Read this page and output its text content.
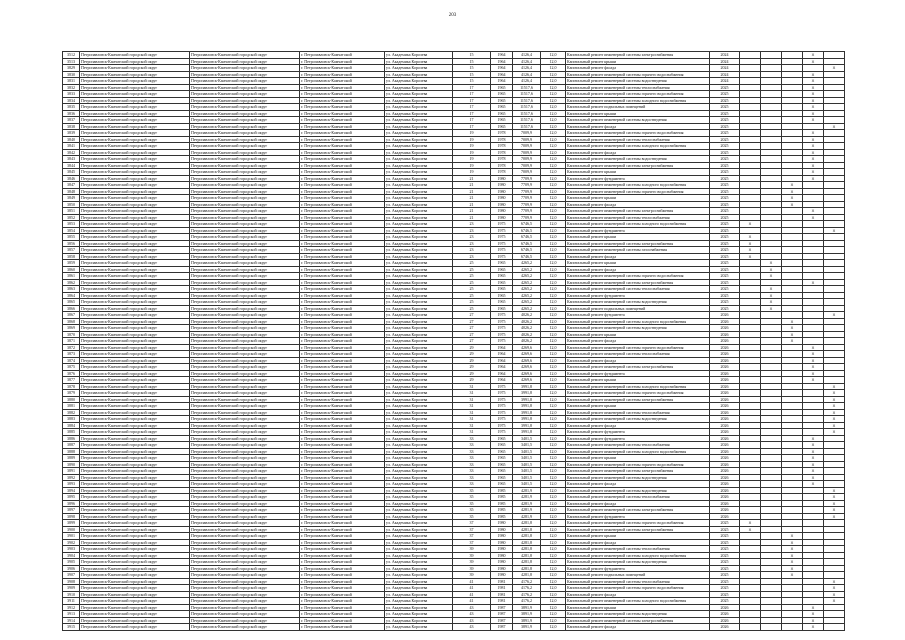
203
3512	Петропавловск-Камчатский городской округ	Петропавловск-Камчатский городской округ	г. Петропавловск-Камчатский	ул. Академика Королева	15	1964	4126,4	12,0	Капитальный ремонт инженерной системы электроснабжения	2024				X	
3513	Петропавловск-Камчатский городской округ	Петропавловск-Камчатский городской округ	г. Петропавловск-Камчатский	ул. Академика Королева	15	1964	4126,4	12,0	Капитальный ремонт крыши	2024				X	
3829	Петропавловск-Камчатский городской округ	Петропавловск-Камчатский городской округ	г. Петропавловск-Камчатский	ул. Академика Королева	15	1964	4126,4	12,0	Капитальный ремонт фасада	2024					X
3830	Петропавловск-Камчатский городской округ	Петропавловск-Камчатский городской округ	г. Петропавловск-Камчатский	ул. Академика Королева	15	1964	4126,4	12,0	Капитальный ремонт инженерной системы горячего водоснабжения	2024				X	
3831	Петропавловск-Камчатский городской округ	Петропавловск-Камчатский городской округ	г. Петропавловск-Камчатский	ул. Академика Королева	15	1964	4126,4	12,0	Капитальный ремонт инженерной системы водоотведения	2024				X	
3832	Петропавловск-Камчатский городской округ	Петропавловск-Камчатский городской округ	г. Петропавловск-Камчатский	ул. Академика Королева	17	1965	11517,6	12,0	Капитальный ремонт инженерной системы теплоснабжения	2025				X	
3833	Петропавловск-Камчатский городской округ	Петропавловск-Камчатский городской округ	г. Петропавловск-Камчатский	ул. Академика Королева	17	1965	11517,6	12,0	Капитальный ремонт инженерной системы горячего водоснабжения	2025				X	
3834	Петропавловск-Камчатский городской округ	Петропавловск-Камчатский городской округ	г. Петропавловск-Камчатский	ул. Академика Королева	17	1965	11517,6	12,0	Капитальный ремонт инженерной системы холодного водоснабжения	2025				X	
3835	Петропавловск-Камчатский городской округ	Петропавловск-Камчатский городской округ	г. Петропавловск-Камчатский	ул. Академика Королева	17	1965	11517,6	12,0	Капитальный ремонт подвальных помещений	2025				X	
3836	Петропавловск-Камчатский городской округ	Петропавловск-Камчатский городской округ	г. Петропавловск-Камчатский	ул. Академика Королева	17	1965	11517,6	12,0	Капитальный ремонт крыши	2025				X	
3837	Петропавловск-Камчатский городской округ	Петропавловск-Камчатский городской округ	г. Петропавловск-Камчатский	ул. Академика Королева	17	1965	11517,6	12,0	Капитальный ремонт инженерной системы водоотведения	2025				X	
3838	Петропавловск-Камчатский городской округ	Петропавловск-Камчатский городской округ	г. Петропавловск-Камчатский	ул. Академика Королева	17	1965	11517,6	12,0	Капитальный ремонт фасада	2025					X
3839	Петропавловск-Камчатский городской округ	Петропавловск-Камчатский городской округ	г. Петропавловск-Камчатский	ул. Академика Королева	19	1978	7009,9	12,0	Капитальный ремонт инженерной системы горячего водоснабжения	2025				X	
3840	Петропавловск-Камчатский городской округ	Петропавловск-Камчатский городской округ	г. Петропавловск-Камчатский	ул. Академика Королева	19	1978	7009,9	12,0	Капитальный ремонт инженерной системы теплоснабжения	2025				X	
3841	Петропавловск-Камчатский городской округ	Петропавловск-Камчатский городской округ	г. Петропавловск-Камчатский	ул. Академика Королева	19	1978	7009,9	12,0	Капитальный ремонт инженерной системы холодного водоснабжения	2025				X	
3842	Петропавловск-Камчатский городской округ	Петропавловск-Камчатский городской округ	г. Петропавловск-Камчатский	ул. Академика Королева	19	1978	7009,9	12,0	Капитальный ремонт фасада	2025				X	
3843	Петропавловск-Камчатский городской округ	Петропавловск-Камчатский городской округ	г. Петропавловск-Камчатский	ул. Академика Королева	19	1978	7009,9	12,0	Капитальный ремонт инженерной системы водоотведения	2025				X	
3844	Петропавловск-Камчатский городской округ	Петропавловск-Камчатский городской округ	г. Петропавловск-Камчатский	ул. Академика Королева	19	1978	7009,9	12,0	Капитальный ремонт инженерной системы электроснабжения	2025				X	
3845	Петропавловск-Камчатский городской округ	Петропавловск-Камчатский городской округ	г. Петропавловск-Камчатский	ул. Академика Королева	19	1978	7009,9	12,0	Капитальный ремонт крыши	2025				X	
3846	Петропавловск-Камчатский городской округ	Петропавловск-Камчатский городской округ	г. Петропавловск-Камчатский	ул. Академика Королева	21	1980	7709,9	12,0	Капитальный ремонт фундамента	2025				X	
3847	Петропавловск-Камчатский городской округ	Петропавловск-Камчатский городской округ	г. Петропавловск-Камчатский	ул. Академика Королева	21	1980	7709,9	12,0	Капитальный ремонт инженерной системы холодного водоснабжения	2025			X		
3848	Петропавловск-Камчатский городской округ	Петропавловск-Камчатский городской округ	г. Петропавловск-Камчатский	ул. Академика Королева	21	1980	7709,9	12,0	Капитальный ремонт инженерной системы горячего водоснабжения	2025			X		
3849	Петропавловск-Камчатский городской округ	Петропавловск-Камчатский городской округ	г. Петропавловск-Камчатский	ул. Академика Королева	21	1980	7709,9	12,0	Капитальный ремонт крыши	2025			X		
3850	Петропавловск-Камчатский городской округ	Петропавловск-Камчатский городской округ	г. Петропавловск-Камчатский	ул. Академика Королева	21	1980	7709,9	12,0	Капитальный ремонт фасада	2025			X		
3851	Петропавловск-Камчатский городской округ	Петропавловск-Камчатский городской округ	г. Петропавловск-Камчатский	ул. Академика Королева	21	1980	7709,9	12,0	Капитальный ремонт инженерной системы электроснабжения	2025				X	
3852	Петропавловск-Камчатский городской округ	Петропавловск-Камчатский городской округ	г. Петропавловск-Камчатский	ул. Академика Королева	21	1980	7709,9	12,0	Капитальный ремонт инженерной системы теплоснабжения	2025				X	
3853	Петропавловск-Камчатский городской округ	Петропавловск-Камчатский городской округ	г. Петропавловск-Камчатский	ул. Академика Королева	23	1975	6746,5	12,0	Капитальный ремонт инженерной системы холодного водоснабжения	2025	X				
3854	Петропавловск-Камчатский городской округ	Петропавловск-Камчатский городской округ	г. Петропавловск-Камчатский	ул. Академика Королева	23	1975	6746,5	12,0	Капитальный ремонт фундамента	2025					X
3855	Петропавловск-Камчатский городской округ	Петропавловск-Камчатский городской округ	г. Петропавловск-Камчатский	ул. Академика Королева	23	1975	6746,5	12,0	Капитальный ремонт крыши	2025	X				
3856	Петропавловск-Камчатский городской округ	Петропавловск-Камчатский городской округ	г. Петропавловск-Камчатский	ул. Академика Королева	23	1975	6746,5	12,0	Капитальный ремонт инженерной системы электроснабжения	2025	X				
3857	Петропавловск-Камчатский городской округ	Петропавловск-Камчатский городской округ	г. Петропавловск-Камчатский	ул. Академика Королева	23	1975	6746,5	12,0	Капитальный ремонт инженерной системы газоснабжения	2025	X				
3858	Петропавловск-Камчатский городской округ	Петропавловск-Камчатский городской округ	г. Петропавловск-Камчатский	ул. Академика Королева	23	1975	6746,5	12,0	Капитальный ремонт фасада	2025	X				
3859	Петропавловск-Камчатский городской округ	Петропавловск-Камчатский городской округ	г. Петропавловск-Камчатский	ул. Академика Королева	25	1965	4265,2	12,0	Капитальный ремонт крыши	2025		X			
3860	Петропавловск-Камчатский городской округ	Петропавловск-Камчатский городской округ	г. Петропавловск-Камчатский	ул. Академика Королева	25	1965	4265,2	12,0	Капитальный ремонт фасада	2025		X			
3861	Петропавловск-Камчатский городской округ	Петропавловск-Камчатский городской округ	г. Петропавловск-Камчатский	ул. Академика Королева	25	1965	4265,2	12,0	Капитальный ремонт инженерной системы горячего водоснабжения	2025		X			
3862	Петропавловск-Камчатский городской округ	Петропавловск-Камчатский городской округ	г. Петропавловск-Камчатский	ул. Академика Королева	25	1965	4265,2	12,0	Капитальный ремонт инженерной системы электроснабжения	2025				X	
3863	Петропавловск-Камчатский городской округ	Петропавловск-Камчатский городской округ	г. Петропавловск-Камчатский	ул. Академика Королева	25	1965	4265,2	12,0	Капитальный ремонт инженерной системы теплоснабжения	2025		X			
3864	Петропавловск-Камчатский городской округ	Петропавловск-Камчатский городской округ	г. Петропавловск-Камчатский	ул. Академика Королева	25	1965	4265,2	12,0	Капитальный ремонт фундамента	2025		X			
3865	Петропавловск-Камчатский городской округ	Петропавловск-Камчатский городской округ	г. Петропавловск-Камчатский	ул. Академика Королева	25	1965	4265,2	12,0	Капитальный ремонт инженерной системы водоотведения	2025		X			
3866	Петропавловск-Камчатский городской округ	Петропавловск-Камчатский городской округ	г. Петропавловск-Камчатский	ул. Академика Королева	25	1965	4265,2	12,0	Капитальный ремонт подвальных помещений	2025		X			
3867	Петропавловск-Камчатский городской округ	Петропавловск-Камчатский городской округ	г. Петропавловск-Камчатский	ул. Академика Королева	27	1975	4026,2	12,0	Капитальный ремонт фундамента	2026					X
3868	Петропавловск-Камчатский городской округ	Петропавловск-Камчатский городской округ	г. Петропавловск-Камчатский	ул. Академика Королева	27	1975	4026,2	12,0	Капитальный ремонт инженерной системы холодного водоснабжения	2026			X		
3869	Петропавловск-Камчатский городской округ	Петропавловск-Камчатский городской округ	г. Петропавловск-Камчатский	ул. Академика Королева	27	1975	4026,2	12,0	Капитальный ремонт инженерной системы водоотведения	2026			X		
3870	Петропавловск-Камчатский городской округ	Петропавловск-Камчатский городской округ	г. Петропавловск-Камчатский	ул. Академика Королева	27	1975	4026,2	12,0	Капитальный ремонт крыши	2026			X		
3871	Петропавловск-Камчатский городской округ	Петропавловск-Камчатский городской округ	г. Петропавловск-Камчатский	ул. Академика Королева	27	1975	4026,2	12,0	Капитальный ремонт фасада	2026			X		
3872	Петропавловск-Камчатский городской округ	Петропавловск-Камчатский городской округ	г. Петропавловск-Камчатский	ул. Академика Королева	29	1964	4269,6	12,0	Капитальный ремонт инженерной системы горячего водоснабжения	2026				X	
3873	Петропавловск-Камчатский городской округ	Петропавловск-Камчатский городской округ	г. Петропавловск-Камчатский	ул. Академика Королева	29	1964	4269,6	12,0	Капитальный ремонт инженерной системы теплоснабжения	2026				X	
3874	Петропавловск-Камчатский городской округ	Петропавловск-Камчатский городской округ	г. Петропавловск-Камчатский	ул. Академика Королева	29	1964	4269,6	12,0	Капитальный ремонт фасада	2026				X	
3875	Петропавловск-Камчатский городской округ	Петропавловск-Камчатский городской округ	г. Петропавловск-Камчатский	ул. Академика Королева	29	1964	4269,6	12,0	Капитальный ремонт инженерной системы электроснабжения	2026				X	
3876	Петропавловск-Камчатский городской округ	Петропавловск-Камчатский городской округ	г. Петропавловск-Камчатский	ул. Академика Королева	29	1964	4269,6	12,0	Капитальный ремонт фундамента	2026				X	
3877	Петропавловск-Камчатский городской округ	Петропавловск-Камчатский городской округ	г. Петропавловск-Камчатский	ул. Академика Королева	29	1964	4269,6	12,0	Капитальный ремонт крыши	2026				X	
3878	Петропавловск-Камчатский городской округ	Петропавловск-Камчатский городской округ	г. Петропавловск-Камчатский	ул. Академика Королева	31	1975	3991,8	12,0	Капитальный ремонт инженерной системы холодного водоснабжения	2026					X
3879	Петропавловск-Камчатский городской округ	Петропавловск-Камчатский городской округ	г. Петропавловск-Камчатский	ул. Академика Королева	31	1975	3991,8	12,0	Капитальный ремонт инженерной системы горячего водоснабжения	2026					X
3880	Петропавловск-Камчатский городской округ	Петропавловск-Камчатский городской округ	г. Петропавловск-Камчатский	ул. Академика Королева	31	1975	3991,8	12,0	Капитальный ремонт инженерной системы электроснабжения	2026					X
3881	Петропавловск-Камчатский городской округ	Петропавловск-Камчатский городской округ	г. Петропавловск-Камчатский	ул. Академика Королева	31	1975	3991,8	12,0	Капитальный ремонт крыши	2026					X
3882	Петропавловск-Камчатский городской округ	Петропавловск-Камчатский городской округ	г. Петропавловск-Камчатский	ул. Академика Королева	31	1975	3991,8	12,0	Капитальный ремонт инженерной системы теплоснабжения	2026					X
3883	Петропавловск-Камчатский городской округ	Петропавловск-Камчатский городской округ	г. Петропавловск-Камчатский	ул. Академика Королева	31	1975	3991,8	12,0	Капитальный ремонт инженерной системы водоотведения	2026					X
3884	Петропавловск-Камчатский городской округ	Петропавловск-Камчатский городской округ	г. Петропавловск-Камчатский	ул. Академика Королева	31	1975	3991,8	12,0	Капитальный ремонт фасада	2026					X
3885	Петропавловск-Камчатский городской округ	Петропавловск-Камчатский городской округ	г. Петропавловск-Камчатский	ул. Академика Королева	31	1975	3991,8	12,0	Капитальный ремонт фундамента	2026					X
3886	Петропавловск-Камчатский городской округ	Петропавловск-Камчатский городской округ	г. Петропавловск-Камчатский	ул. Академика Королева	33	1965	3401,5	12,0	Капитальный ремонт фундамента	2026				X	
3887	Петропавловск-Камчатский городской округ	Петропавловск-Камчатский городской округ	г. Петропавловск-Камчатский	ул. Академика Королева	33	1965	3401,5	12,0	Капитальный ремонт инженерной системы теплоснабжения	2026				X	
3888	Петропавловск-Камчатский городской округ	Петропавловск-Камчатский городской округ	г. Петропавловск-Камчатский	ул. Академика Королева	33	1965	3401,5	12,0	Капитальный ремонт инженерной системы холодного водоснабжения	2026				X	
3889	Петропавловск-Камчатский городской округ	Петропавловск-Камчатский городской округ	г. Петропавловск-Камчатский	ул. Академика Королева	33	1965	3401,5	12,0	Капитальный ремонт крыши	2026				X	
3890	Петропавловск-Камчатский городской округ	Петропавловск-Камчатский городской округ	г. Петропавловск-Камчатский	ул. Академика Королева	33	1965	3401,5	12,0	Капитальный ремонт инженерной системы горячего водоснабжения	2026				X	
3891	Петропавловск-Камчатский городской округ	Петропавловск-Камчатский городской округ	г. Петропавловск-Камчатский	ул. Академика Королева	33	1965	3401,5	12,0	Капитальный ремонт инженерной системы электроснабжения	2026				X	
3892	Петропавловск-Камчатский городской округ	Петропавловск-Камчатский городской округ	г. Петропавловск-Камчатский	ул. Академика Королева	33	1965	3401,5	12,0	Капитальный ремонт инженерной системы водоотведения	2026				X	
3893	Петропавловск-Камчатский городской округ	Петропавловск-Камчатский городской округ	г. Петропавловск-Камчатский	ул. Академика Королева	33	1965	3401,5	12,0	Капитальный ремонт фасада	2026				X	
3894	Петропавловск-Камчатский городской округ	Петропавловск-Камчатский городской округ	г. Петропавловск-Камчатский	ул. Академика Королева	35	1985	4281,9	12,0	Капитальный ремонт инженерной системы водоотведения	2026					X
3895	Петропавловск-Камчатский городской округ	Петропавловск-Камчатский городской округ	г. Петропавловск-Камчатский	ул. Академика Королева	35	1985	4281,9	12,0	Капитальный ремонт инженерной системы теплоснабжения	2026					X
3896	Петропавловск-Камчатский городской округ	Петропавловск-Камчатский городской округ	г. Петропавловск-Камчатский	ул. Академика Королева	35	1985	4281,9	12,0	Капитальный ремонт фасада	2026					X
3897	Петропавловск-Камчатский городской округ	Петропавловск-Камчатский городской округ	г. Петропавловск-Камчатский	ул. Академика Королева	35	1985	4281,9	12,0	Капитальный ремонт инженерной системы электроснабжения	2026					X
3898	Петропавловск-Камчатский городской округ	Петропавловск-Камчатский городской округ	г. Петропавловск-Камчатский	ул. Академика Королева	35	1985	4281,9	12,0	Капитальный ремонт фундамента	2026					X
3899	Петропавловск-Камчатский городской округ	Петропавловск-Камчатский городской округ	г. Петропавловск-Камчатский	ул. Академика Королева	37	1980	4281,8	12,0	Капитальный ремонт инженерной системы горячего водоснабжения	2025	X				
3900	Петропавловск-Камчатский городской округ	Петропавловск-Камчатский городской округ	г. Петропавловск-Камчатский	ул. Академика Королева	37	1980	4281,8	12,0	Капитальный ремонт инженерной системы электроснабжения	2025	X				
3901	Петропавловск-Камчатский городской округ	Петропавловск-Камчатский городской округ	г. Петропавловск-Камчатский	ул. Академика Королева	37	1980	4281,8	12,0	Капитальный ремонт крыши	2025			X		
3902	Петропавловск-Камчатский городской округ	Петропавловск-Камчатский городской округ	г. Петропавловск-Камчатский	ул. Академика Королева	37	1980	4281,8	12,0	Капитальный ремонт фасада	2025			X		
3903	Петропавловск-Камчатский городской округ	Петропавловск-Камчатский городской округ	г. Петропавловск-Камчатский	ул. Академика Королева	39	1980	4281,8	12,0	Капитальный ремонт инженерной системы теплоснабжения	2025			X		
3904	Петропавловск-Камчатский городской округ	Петропавловск-Камчатский городской округ	г. Петропавловск-Камчатский	ул. Академика Королева	39	1980	4281,8	12,0	Капитальный ремонт инженерной системы холодного водоснабжения	2025			X		
3905	Петропавловск-Камчатский городской округ	Петропавловск-Камчатский городской округ	г. Петропавловск-Камчатский	ул. Академика Королева	39	1980	4281,8	12,0	Капитальный ремонт инженерной системы водоотведения	2025			X		
3906	Петропавловск-Камчатский городской округ	Петропавловск-Камчатский городской округ	г. Петропавловск-Камчатский	ул. Академика Королева	39	1980	4281,8	12,0	Капитальный ремонт фундамента	2025			X		
3907	Петропавловск-Камчатский городской округ	Петропавловск-Камчатский городской округ	г. Петропавловск-Камчатский	ул. Академика Королева	39	1980	4281,8	12,0	Капитальный ремонт подвальных помещений	2025			X		
3908	Петропавловск-Камчатский городской округ	Петропавловск-Камчатский городской округ	г. Петропавловск-Камчатский	ул. Академика Королева	41	1981	4176,2	12,0	Капитальный ремонт инженерной системы теплоснабжения	2025					X
3909	Петропавловск-Камчатский городской округ	Петропавловск-Камчатский городской округ	г. Петропавловск-Камчатский	ул. Академика Королева	41	1981	4176,2	12,0	Капитальный ремонт инженерной системы горячего водоснабжения	2025					X
3910	Петропавловск-Камчатский городской округ	Петропавловск-Камчатский городской округ	г. Петропавловск-Камчатский	ул. Академика Королева	41	1981	4176,2	12,0	Капитальный ремонт фасада	2025					X
3911	Петропавловск-Камчатский городской округ	Петропавловск-Камчатский городской округ	г. Петропавловск-Камчатский	ул. Академика Королева	41	1981	4176,2	12,0	Капитальный ремонт инженерной системы холодного водоснабжения	2025					X
3912	Петропавловск-Камчатский городской округ	Петропавловск-Камчатский городской округ	г. Петропавловск-Камчатский	ул. Академика Королева	43	1987	3891,9	12,0	Капитальный ремонт крыши	2026				X	
3913	Петропавловск-Камчатский городской округ	Петропавловск-Камчатский городской округ	г. Петропавловск-Камчатский	ул. Академика Королева	43	1987	3891,9	12,0	Капитальный ремонт инженерной системы водоотведения	2026				X	
3914	Петропавловск-Камчатский городской округ	Петропавловск-Камчатский городской округ	г. Петропавловск-Камчатский	ул. Академика Королева	43	1987	3891,9	12,0	Капитальный ремонт инженерной системы электроснабжения	2026				X	
3915	Петропавловск-Камчатский городской округ	Петропавловск-Камчатский городской округ	г. Петропавловск-Камчатский	ул. Академика Королева	43	1987	3891,9	12,0	Капитальный ремонт фасада	2026				X	
